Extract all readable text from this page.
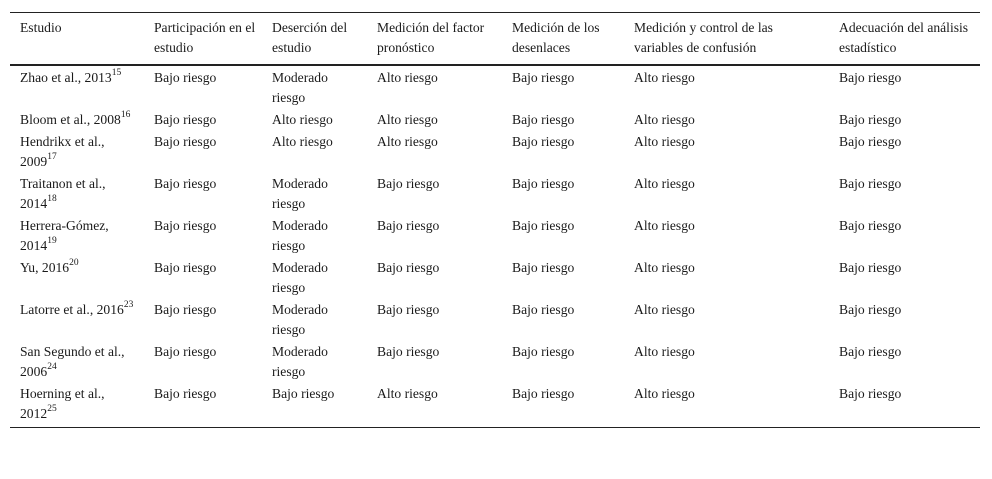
Estudio	Participación en el estudio	Deserción del estudio	Medición del factor pronóstico	Medición de los desenlaces	Medición y control de las variables de confusión	Adecuación del análisis estadístico
Zhao et al., 2013$^{15}$	Bajo riesgo	Moderado riesgo	Alto riesgo	Bajo riesgo	Alto riesgo	Bajo riesgo
Bloom et al., 2008$^{16}$	Bajo riesgo	Alto riesgo	Alto riesgo	Bajo riesgo	Alto riesgo	Bajo riesgo
Hendrikx et al., 2009$^{17}$	Bajo riesgo	Alto riesgo	Alto riesgo	Bajo riesgo	Alto riesgo	Bajo riesgo
Traitanon et al., 2014$^{18}$	Bajo riesgo	Moderado riesgo	Bajo riesgo	Bajo riesgo	Alto riesgo	Bajo riesgo
Herrera-Gómez, 2014$^{19}$	Bajo riesgo	Moderado riesgo	Bajo riesgo	Bajo riesgo	Alto riesgo	Bajo riesgo
Yu, 2016$^{20}$	Bajo riesgo	Moderado riesgo	Bajo riesgo	Bajo riesgo	Alto riesgo	Bajo riesgo
Latorre et al., 2016$^{23}$	Bajo riesgo	Moderado riesgo	Bajo riesgo	Bajo riesgo	Alto riesgo	Bajo riesgo
San Segundo et al., 2006$^{24}$	Bajo riesgo	Moderado riesgo	Bajo riesgo	Bajo riesgo	Alto riesgo	Bajo riesgo
Hoerning et al., 2012$^{25}$	Bajo riesgo	Bajo riesgo	Alto riesgo	Bajo riesgo	Alto riesgo	Bajo riesgo
